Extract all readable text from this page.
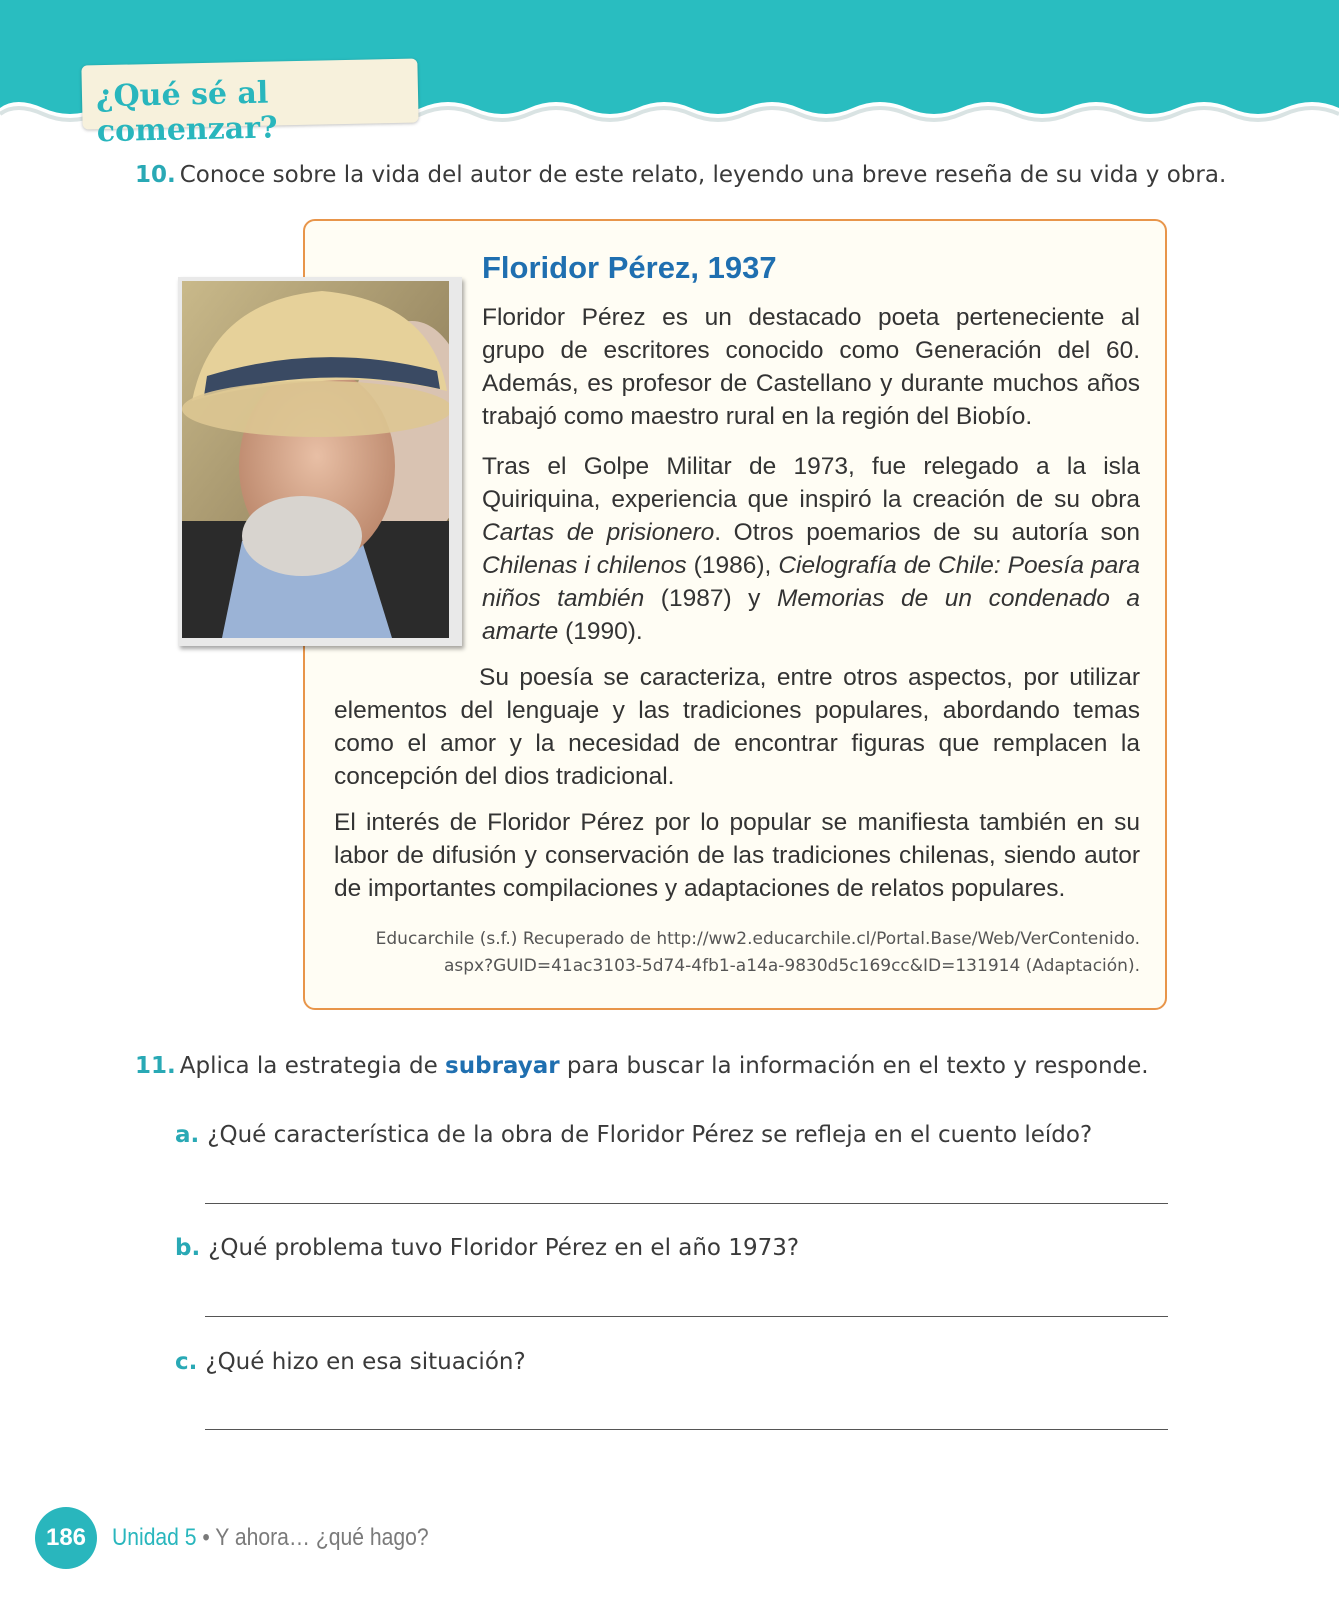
¿Qué sé al comenzar?
10. Conoce sobre la vida del autor de este relato, leyendo una breve reseña de su vida y obra.
Floridor Pérez, 1937

Floridor Pérez es un destacado poeta perteneciente al grupo de escritores conocido como Generación del 60. Además, es profesor de Castellano y durante muchos años trabajó como maestro rural en la región del Biobío.

Tras el Golpe Militar de 1973, fue relegado a la isla Quiriquina, experiencia que inspiró la creación de su obra Cartas de prisionero. Otros poemarios de su autoría son Chilenas i chilenos (1986), Cielografía de Chile: Poesía para niños también (1987) y Memorias de un condenado a amarte (1990).

Su poesía se caracteriza, entre otros aspectos, por utilizar elementos del lenguaje y las tradiciones populares, abordando temas como el amor y la necesidad de encontrar figuras que remplacen la concepción del dios tradicional.

El interés de Floridor Pérez por lo popular se manifiesta también en su labor de difusión y conservación de las tradiciones chilenas, siendo autor de importantes compilaciones y adaptaciones de relatos populares.

Educarchile (s.f.) Recuperado de http://ww2.educarchile.cl/Portal.Base/Web/VerContenido.
aspx?GUID=41ac3103-5d74-4fb1-a14a-9830d5c169cc&ID=131914 (Adaptación).
11. Aplica la estrategia de subrayar para buscar la información en el texto y responde.
a. ¿Qué característica de la obra de Floridor Pérez se refleja en el cuento leído?
b. ¿Qué problema tuvo Floridor Pérez en el año 1973?
c. ¿Qué hizo en esa situación?
186	Unidad 5 • Y ahora… ¿qué hago?
